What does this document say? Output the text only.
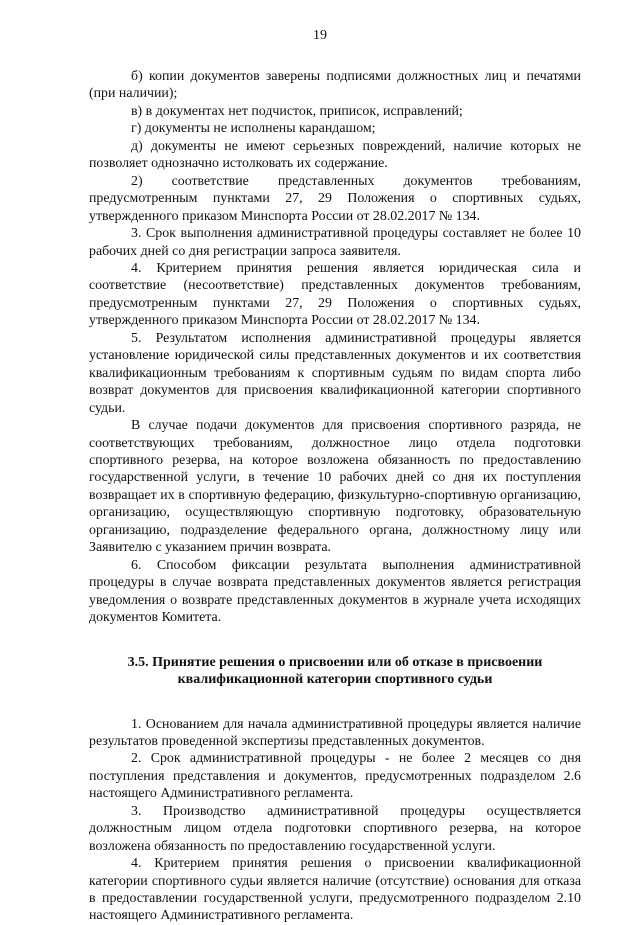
19

б) копии документов заверены подписями должностных лиц и печатями (при наличии);

в) в документах нет подчисток, приписок, исправлений;

г) документы не исполнены карандашом;

д) документы не имеют серьезных повреждений, наличие которых не позволяет однозначно истолковать их содержание.

2) соответствие представленных документов требованиям, предусмотренным пунктами 27, 29 Положения о спортивных судьях, утвержденного приказом Минспорта России от 28.02.2017 № 134.

3. Срок выполнения административной процедуры составляет не более 10 рабочих дней со дня регистрации запроса заявителя.

4. Критерием принятия решения является юридическая сила и соответствие (несоответствие) представленных документов требованиям, предусмотренным пунктами 27, 29 Положения о спортивных судьях, утвержденного приказом Минспорта России от 28.02.2017 № 134.

5. Результатом исполнения административной процедуры является установление юридической силы представленных документов и их соответствия квалификационным требованиям к спортивным судьям по видам спорта либо возврат документов для присвоения квалификационной категории спортивного судьи.

В случае подачи документов для присвоения спортивного разряда, не соответствующих требованиям, должностное лицо отдела подготовки спортивного резерва, на которое возложена обязанность по предоставлению государственной услуги, в течение 10 рабочих дней со дня их поступления возвращает их в спортивную федерацию, физкультурно-спортивную организацию, организацию, осуществляющую спортивную подготовку, образовательную организацию, подразделение федерального органа, должностному лицу или Заявителю с указанием причин возврата.

6. Способом фиксации результата выполнения административной процедуры в случае возврата представленных документов является регистрация уведомления о возврате представленных документов в журнале учета исходящих документов Комитета.

3.5. Принятие решения о присвоении или об отказе в присвоении квалификационной категории спортивного судьи

1. Основанием для начала административной процедуры является наличие результатов проведенной экспертизы представленных документов.

2. Срок административной процедуры - не более 2 месяцев со дня поступления представления и документов, предусмотренных подразделом 2.6 настоящего Административного регламента.

3. Производство административной процедуры осуществляется должностным лицом отдела подготовки спортивного резерва, на которое возложена обязанность по предоставлению государственной услуги.

4. Критерием принятия решения о присвоении квалификационной категории спортивного судьи является наличие (отсутствие) основания для отказа в предоставлении государственной услуги, предусмотренного подразделом 2.10 настоящего Административного регламента.
